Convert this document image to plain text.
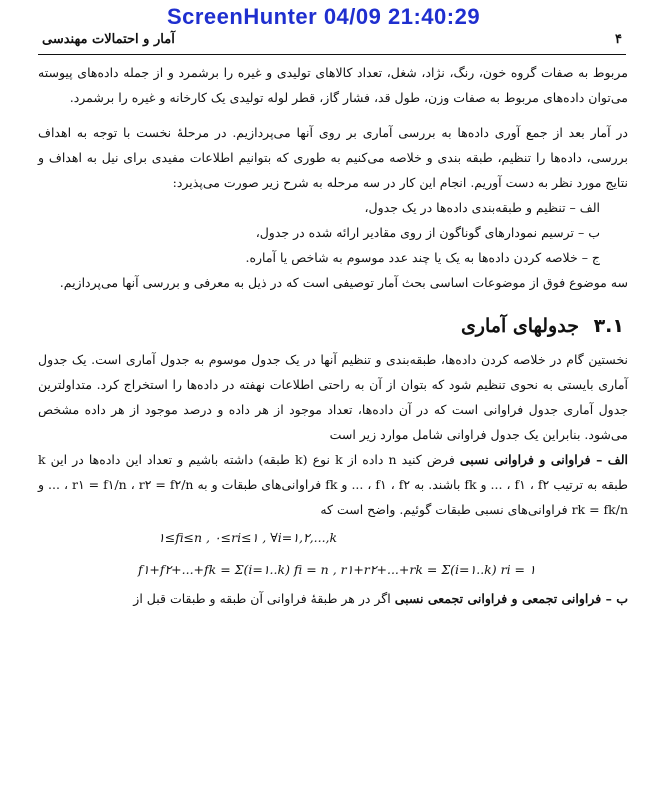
ScreenHunter 04/09 21:40:29
۴
آمار و احتمالات مهندسی

مربوط به صفات گروه خون، رنگ، نژاد، شغل، تعداد کالاهای تولیدی و غیره را برشمرد و از جمله داده‌های پیوسته می‌توان داده‌های مربوط به صفات وزن، طول قد، فشار گاز، قطر لوله تولیدی یک کارخانه و غیره را برشمرد.

در آمار بعد از جمع آوری داده‌ها به بررسی آماری بر روی آنها می‌پردازیم. در مرحلهٔ نخست با توجه به اهداف بررسی، داده‌ها را تنظیم، طبقه بندی و خلاصه می‌کنیم به طوری که بتوانیم اطلاعات مفیدی برای نیل به اهداف و نتایج مورد نظر به دست آوریم. انجام این کار در سه مرحله به شرح زیر صورت می‌پذیرد:

الف – تنظیم و طبقه‌بندی داده‌ها در یک جدول،

ب – ترسیم نمودارهای گوناگون از روی مقادیر ارائه شده در جدول،

ج – خلاصه کردن داده‌ها به یک یا چند عدد موسوم به شاخص یا آماره.

سه موضوع فوق از موضوعات اساسی بحث آمار توصیفی است که در ذیل به معرفی و بررسی آنها می‌پردازیم.

۳.۱ جدولهای آماری

نخستین گام در خلاصه کردن داده‌ها، طبقه‌بندی و تنظیم آنها در یک جدول موسوم به جدول آماری است. یک جدول آماری بایستی به نحوی تنظیم شود که بتوان از آن به راحتی اطلاعات نهفته در داده‌ها را استخراج کرد. متداولترین جدول آماری جدول فراوانی است که در آن داده‌ها، تعداد موجود از هر داده و درصد موجود از هر داده مشخص می‌شود. بنابراین یک جدول فراوانی شامل موارد زیر است

الف – فراوانی و فراوانی نسبی فرض کنید n داده از k نوع (k طبقه) داشته باشیم و تعداد این داده‌ها در این k طبقه به ترتیب f۱ ، f۲ ، ... و fk باشند. به f۱ ، f۲ ، ... و fk فراوانی‌های طبقات و به r۱ = f۱/n ، r۲ = f۲/n ، ... و rk = fk/n فراوانی‌های نسبی طبقات گوئیم. واضح است که

۱≤fi≤n , ۰≤ri≤۱ , ∀i=۱,۲,...,k
f۱+f۲+...+fk = Σ(i=۱..k) fi = n , r۱+r۲+...+rk = Σ(i=۱..k) ri = ۱

ب – فراوانی تجمعی و فراوانی تجمعی نسبی اگر در هر طبقهٔ فراوانی آن طبقه و طبقات قبل از
